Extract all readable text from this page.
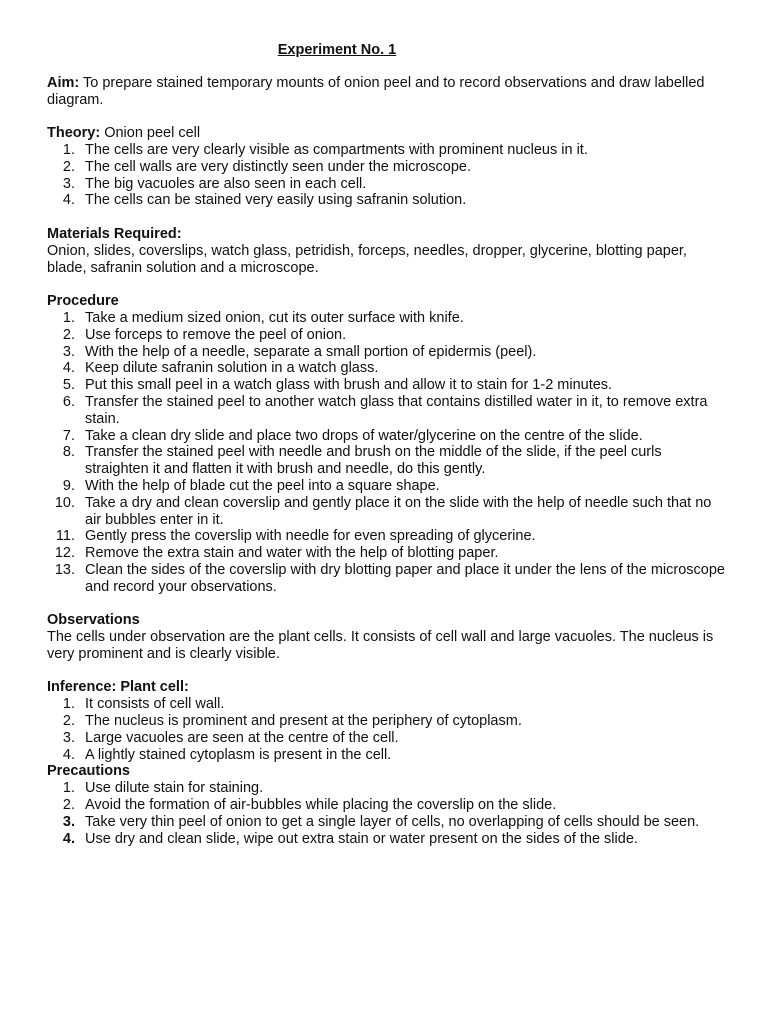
Experiment No. 1

Aim: To prepare stained temporary mounts of onion peel and to record observations and draw labelled diagram.

Theory: Onion peel cell

1. The cells are very clearly visible as compartments with prominent nucleus in it.
2. The cell walls are very distinctly seen under the microscope.
3. The big vacuoles are also seen in each cell.
4. The cells can be stained very easily using safranin solution.

Materials Required:

Onion, slides, coverslips, watch glass, petridish, forceps, needles, dropper, glycerine, blotting paper, blade, safranin solution and a microscope.

Procedure

1. Take a medium sized onion, cut its outer surface with knife.
2. Use forceps to remove the peel of onion.
3. With the help of a needle, separate a small portion of epidermis (peel).
4. Keep dilute safranin solution in a watch glass.
5. Put this small peel in a watch glass with brush and allow it to stain for 1-2 minutes.
6. Transfer the stained peel to another watch glass that contains distilled water in it, to remove extra stain.
7. Take a clean dry slide and place two drops of water/glycerine on the centre of the slide.
8. Transfer the stained peel with needle and brush on the middle of the slide, if the peel curls straighten it and flatten it with brush and needle, do this gently.
9. With the help of blade cut the peel into a square shape.
10. Take a dry and clean coverslip and gently place it on the slide with the help of needle such that no air bubbles enter in it.
11. Gently press the coverslip with needle for even spreading of glycerine.
12. Remove the extra stain and water with the help of blotting paper.
13. Clean the sides of the coverslip with dry blotting paper and place it under the lens of the microscope and record your observations.

Observations

The cells under observation are the plant cells. It consists of cell wall and large vacuoles. The nucleus is very prominent and is clearly visible.

Inference: Plant cell:

1. It consists of cell wall.
2. The nucleus is prominent and present at the periphery of cytoplasm.
3. Large vacuoles are seen at the centre of the cell.
4. A lightly stained cytoplasm is present in the cell.

Precautions

1. Use dilute stain for staining.
2. Avoid the formation of air-bubbles while placing the coverslip on the slide.
3. Take very thin peel of onion to get a single layer of cells, no overlapping of cells should be seen.
4. Use dry and clean slide, wipe out extra stain or water present on the sides of the slide.
